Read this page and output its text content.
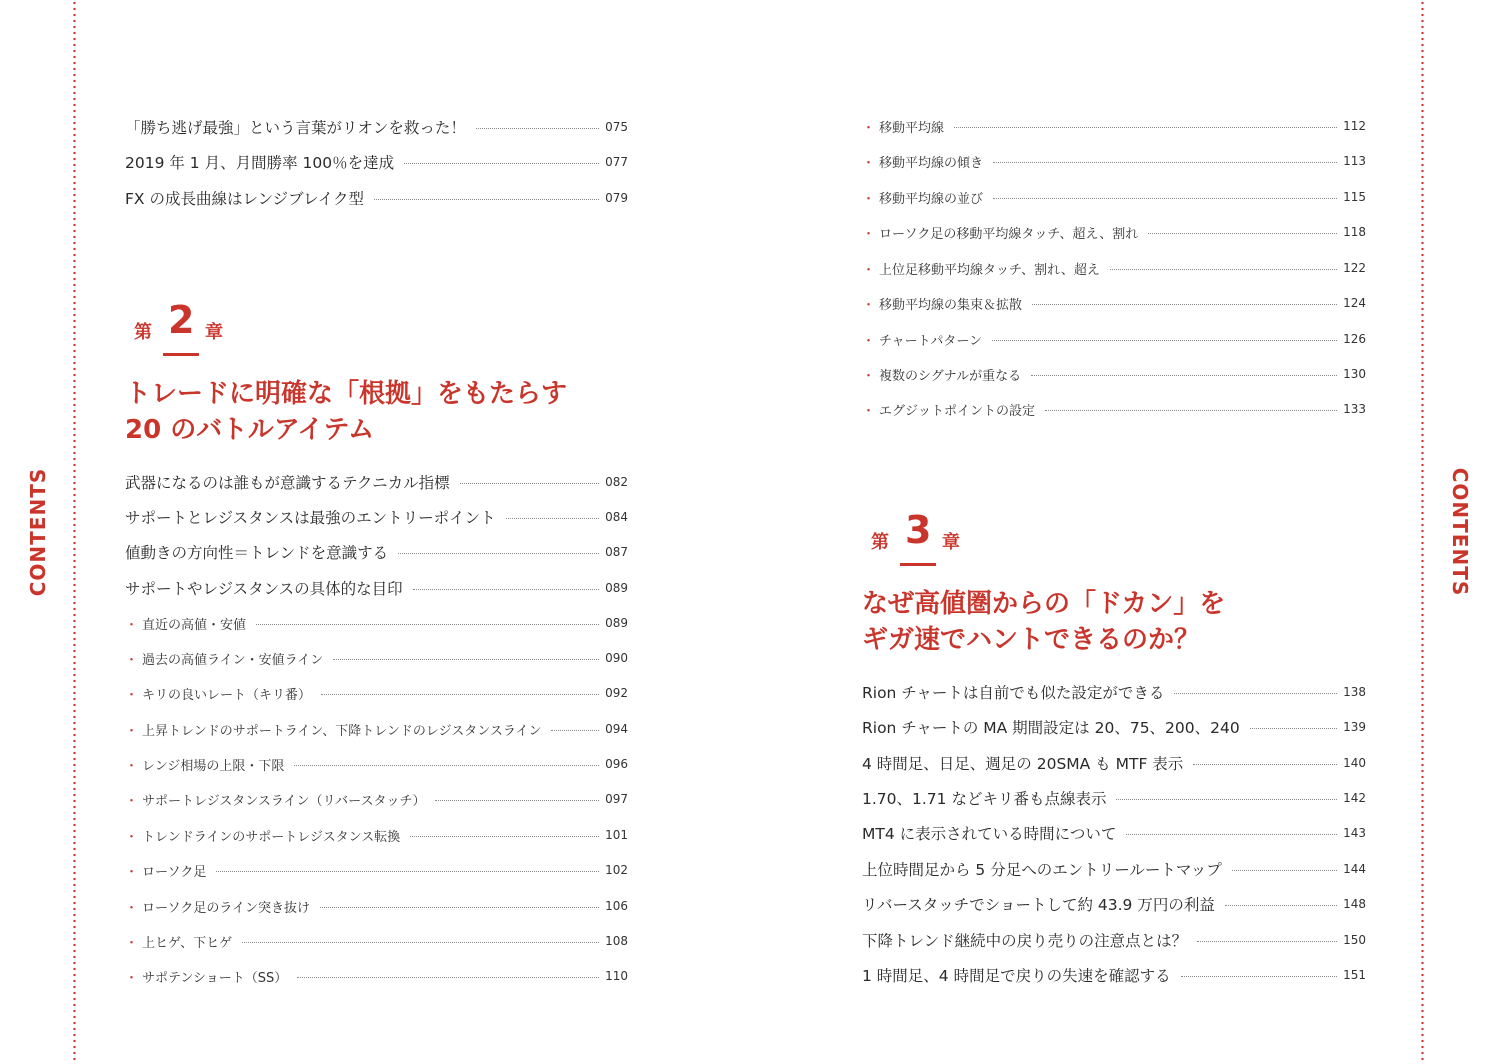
CONTENTS	CONTENTS
「勝ち逃げ最強」という言葉がリオンを救った！	075
2019 年 1 月、月間勝率 100％を達成	077
FX の成長曲線はレンジブレイク型	079
第 2 章
トレードに明確な「根拠」をもたらす
20 のバトルアイテム
武器になるのは誰もが意識するテクニカル指標	082
サポートとレジスタンスは最強のエントリーポイント	084
値動きの方向性＝トレンドを意識する	087
サポートやレジスタンスの具体的な目印	089
・ 直近の高値・安値	089
・ 過去の高値ライン・安値ライン	090
・ キリの良いレート（キリ番）	092
・ 上昇トレンドのサポートライン、下降トレンドのレジスタンスライン	094
・ レンジ相場の上限・下限	096
・ サポートレジスタンスライン（リバースタッチ）	097
・ トレンドラインのサポートレジスタンス転換	101
・ ローソク足	102
・ ローソク足のライン突き抜け	106
・ 上ヒゲ、下ヒゲ	108
・ サポテンショート（SS）	110
・ 移動平均線	112
・ 移動平均線の傾き	113
・ 移動平均線の並び	115
・ ローソク足の移動平均線タッチ、超え、割れ	118
・ 上位足移動平均線タッチ、割れ、超え	122
・ 移動平均線の集束＆拡散	124
・ チャートパターン	126
・ 複数のシグナルが重なる	130
・ エグジットポイントの設定	133
第 3 章
なぜ高値圏からの「ドカン」を
ギガ速でハントできるのか？
Rion チャートは自前でも似た設定ができる	138
Rion チャートの MA 期間設定は 20、75、200、240	139
4 時間足、日足、週足の 20SMA も MTF 表示	140
1.70、1.71 などキリ番も点線表示	142
MT4 に表示されている時間について	143
上位時間足から 5 分足へのエントリールートマップ	144
リバースタッチでショートして約 43.9 万円の利益	148
下降トレンド継続中の戻り売りの注意点とは？	150
1 時間足、4 時間足で戻りの失速を確認する	151
